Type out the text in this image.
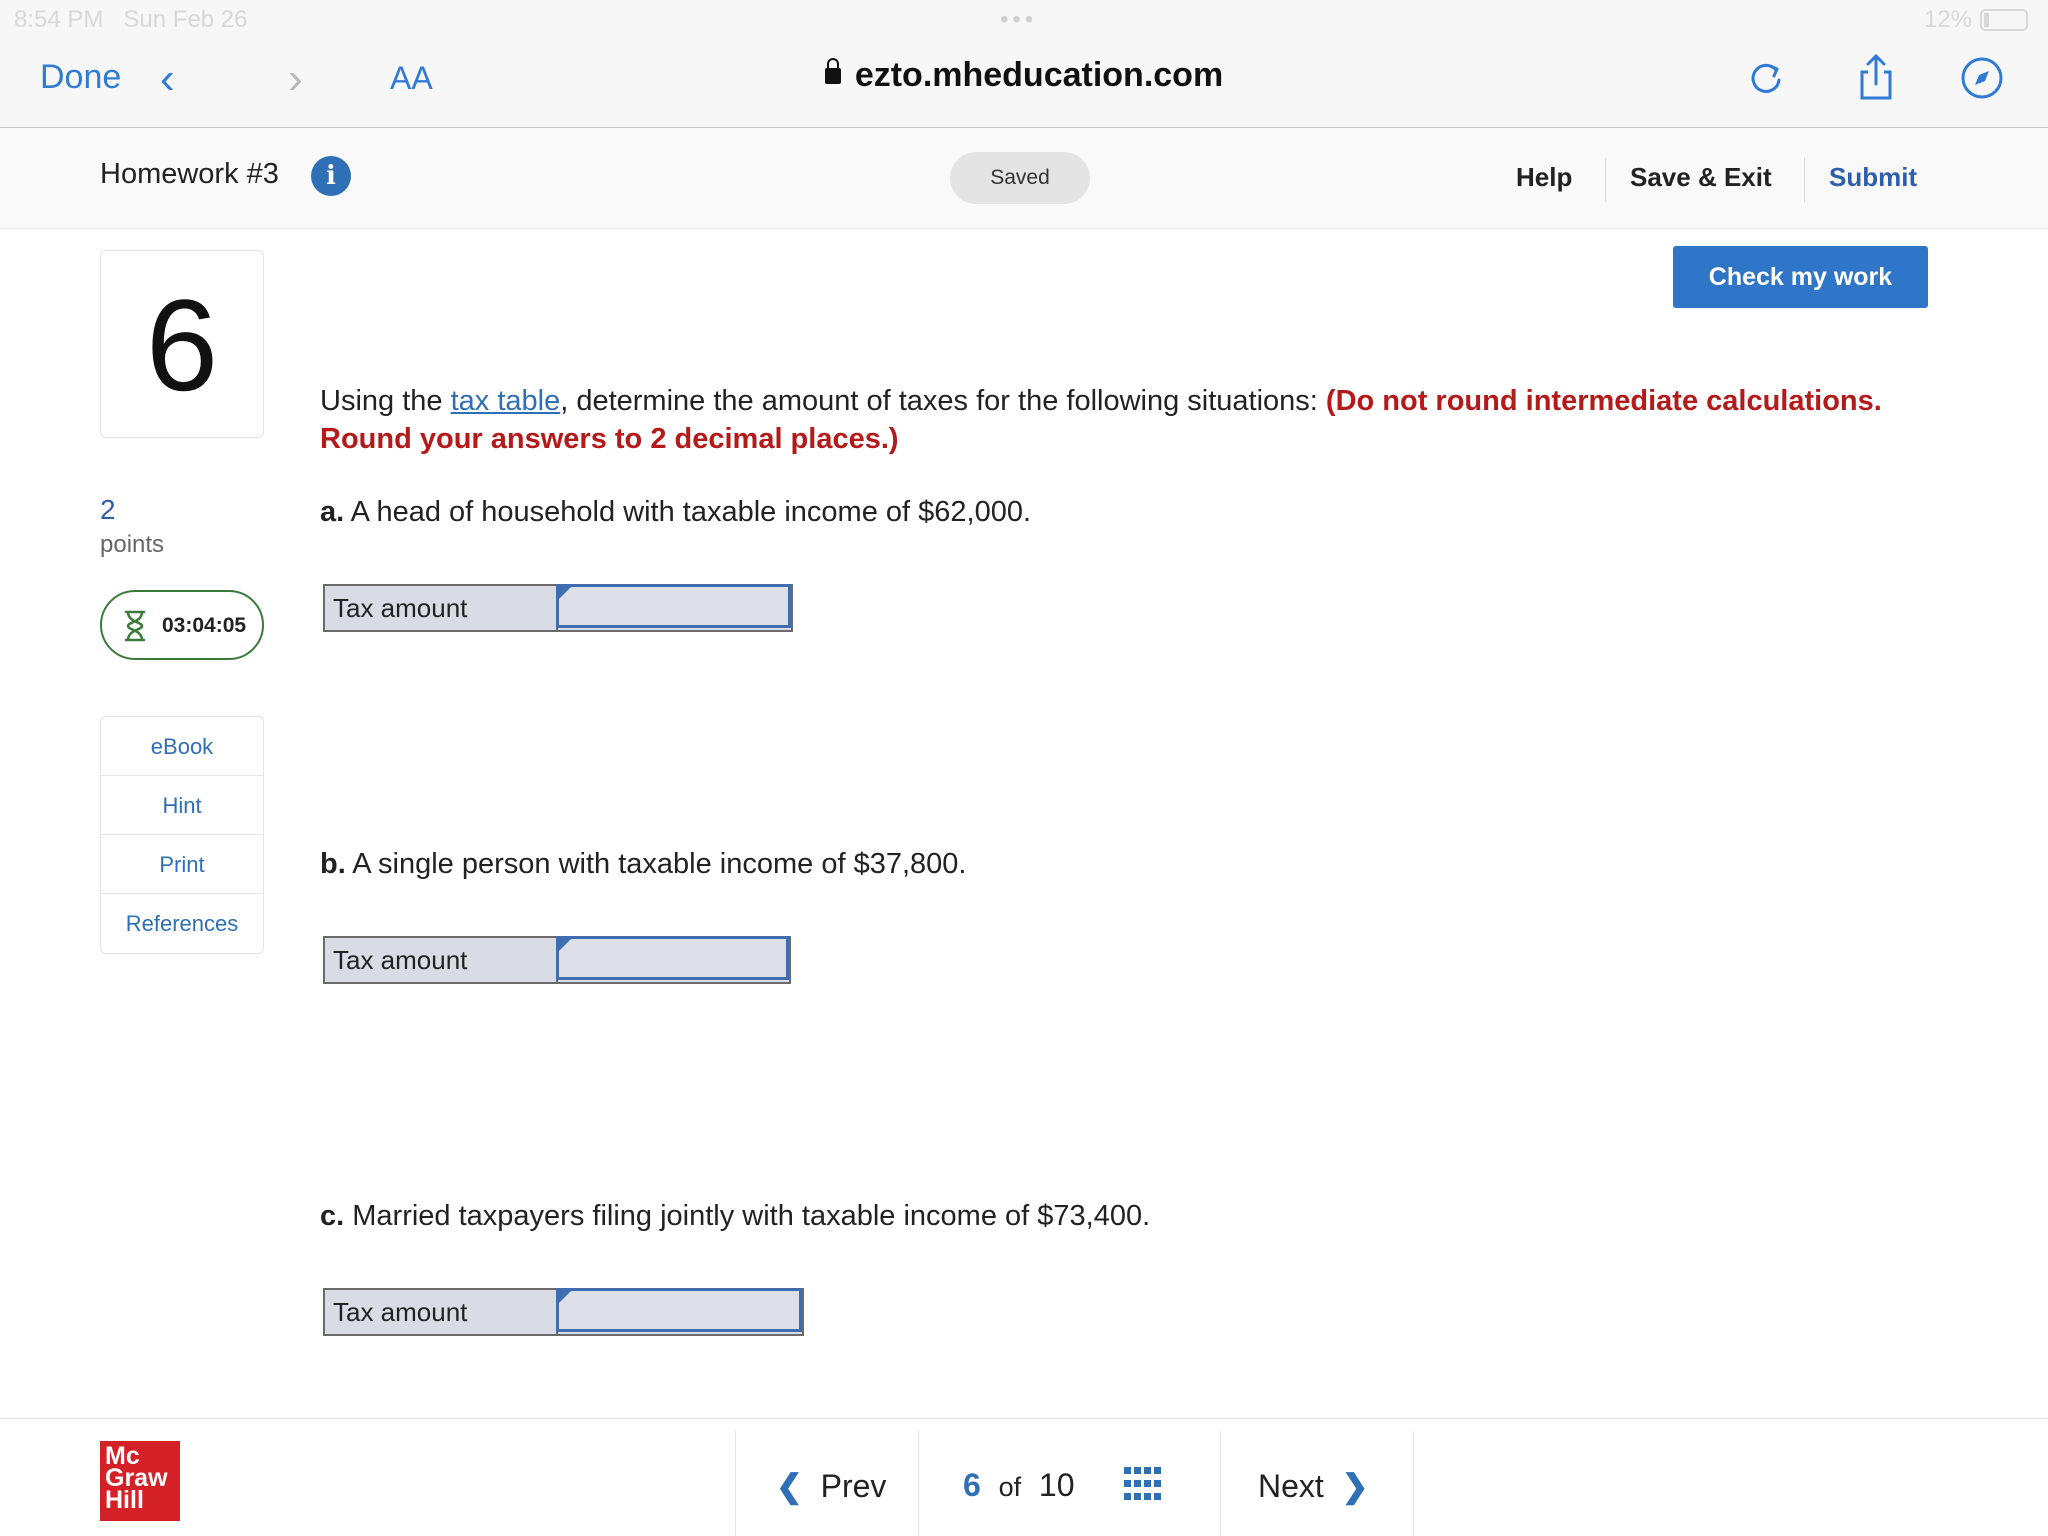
8:54 PM Sun Feb 26	•••	12%
Done ‹	›	AA	ezto.mheducation.com
Homework #3	i	Saved	Help Save & Exit Submit
6
2
points
03:04:05
eBook
Hint
Print
References
Check my work
Using the tax table, determine the amount of taxes for the following situations: (Do not round intermediate calculations. Round your answers to 2 decimal places.)
a. A head of household with taxable income of $62,000.
Tax amount
b. A single person with taxable income of $37,800.
Tax amount
c. Married taxpayers filing jointly with taxable income of $73,400.
Tax amount
Mc
Graw
Hill	❮ Prev 6 of 10	Next ❯
